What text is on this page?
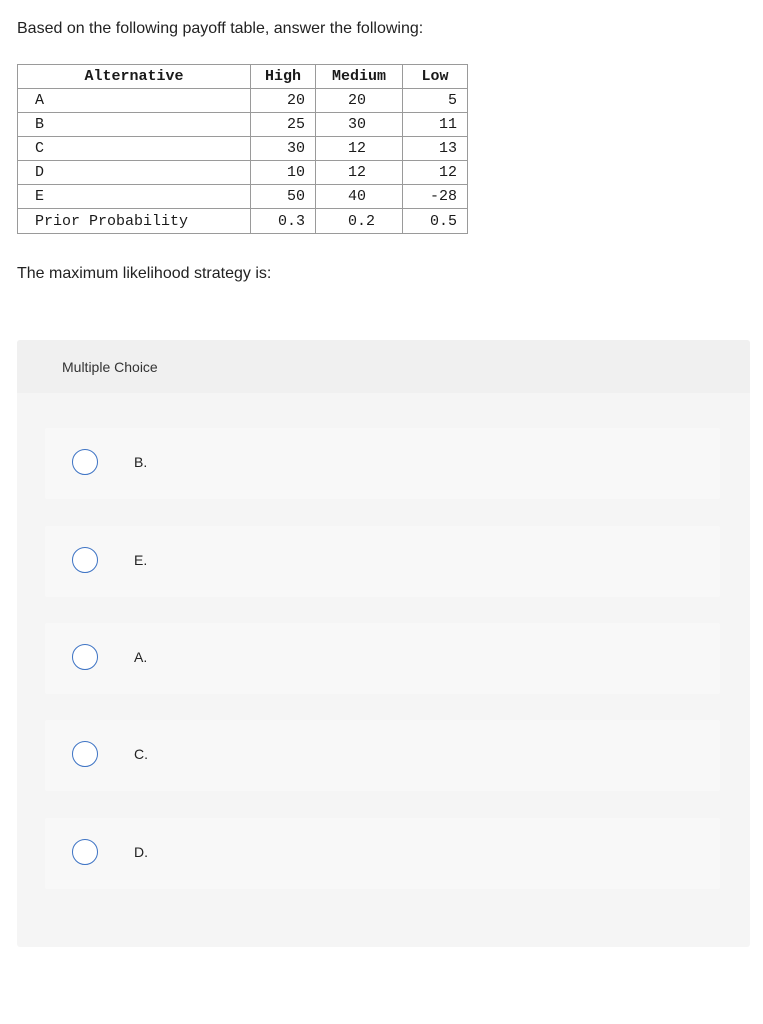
Based on the following payoff table, answer the following:
Alternative	High	Medium	Low
A	20	20	5
B	25	30	11
C	30	12	13
D	10	12	12
E	50	40	-28
Prior Probability	0.3	0.2	0.5
The maximum likelihood strategy is:
Multiple Choice
B.
E.
A.
C.
D.
